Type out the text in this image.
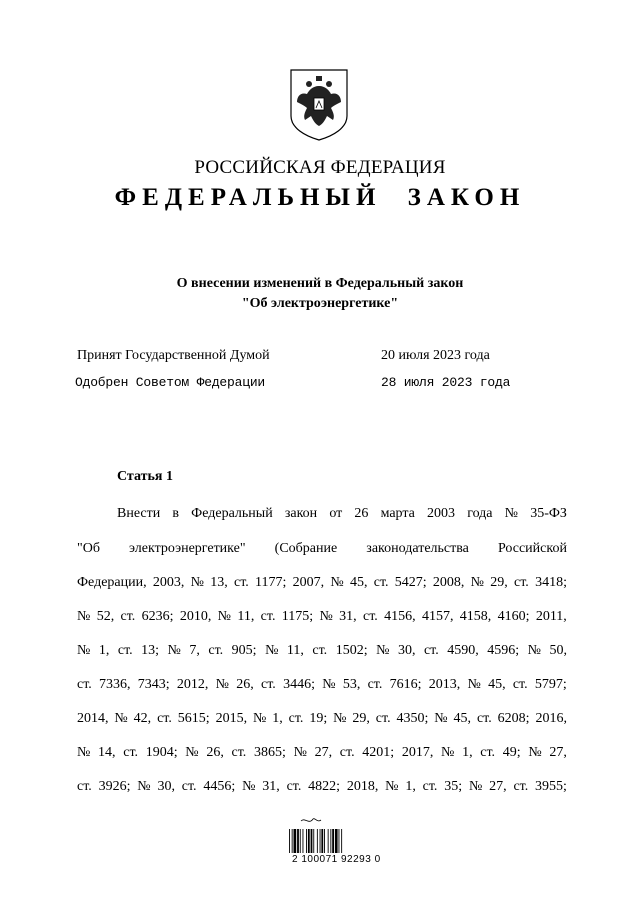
РОССИЙСКАЯ ФЕДЕРАЦИЯ
ФЕДЕРАЛЬНЫЙ ЗАКОН
О внесении изменений в Федеральный закон
"Об электроэнергетике"
Принят Государственной Думой	20 июля 2023 года
Одобрен Советом Федерации	28 июля 2023 года
Статья 1
Внести в Федеральный закон от 26 марта 2003 года № 35-ФЗ
"Об электроэнергетике" (Собрание законодательства Российской
Федерации, 2003, № 13, ст. 1177; 2007, № 45, ст. 5427; 2008, № 29, ст. 3418;
№ 52, ст. 6236; 2010, № 11, ст. 1175; № 31, ст. 4156, 4157, 4158, 4160; 2011,
№ 1, ст. 13; № 7, ст. 905; № 11, ст. 1502; № 30, ст. 4590, 4596; № 50,
ст. 7336, 7343; 2012, № 26, ст. 3446; № 53, ст. 7616; 2013, № 45, ст. 5797;
2014, № 42, ст. 5615; 2015, № 1, ст. 19; № 29, ст. 4350; № 45, ст. 6208; 2016,
№ 14, ст. 1904; № 26, ст. 3865; № 27, ст. 4201; 2017, № 1, ст. 49; № 27,
ст. 3926; № 30, ст. 4456; № 31, ст. 4822; 2018, № 1, ст. 35; № 27, ст. 3955;
2 100071 92293 0
